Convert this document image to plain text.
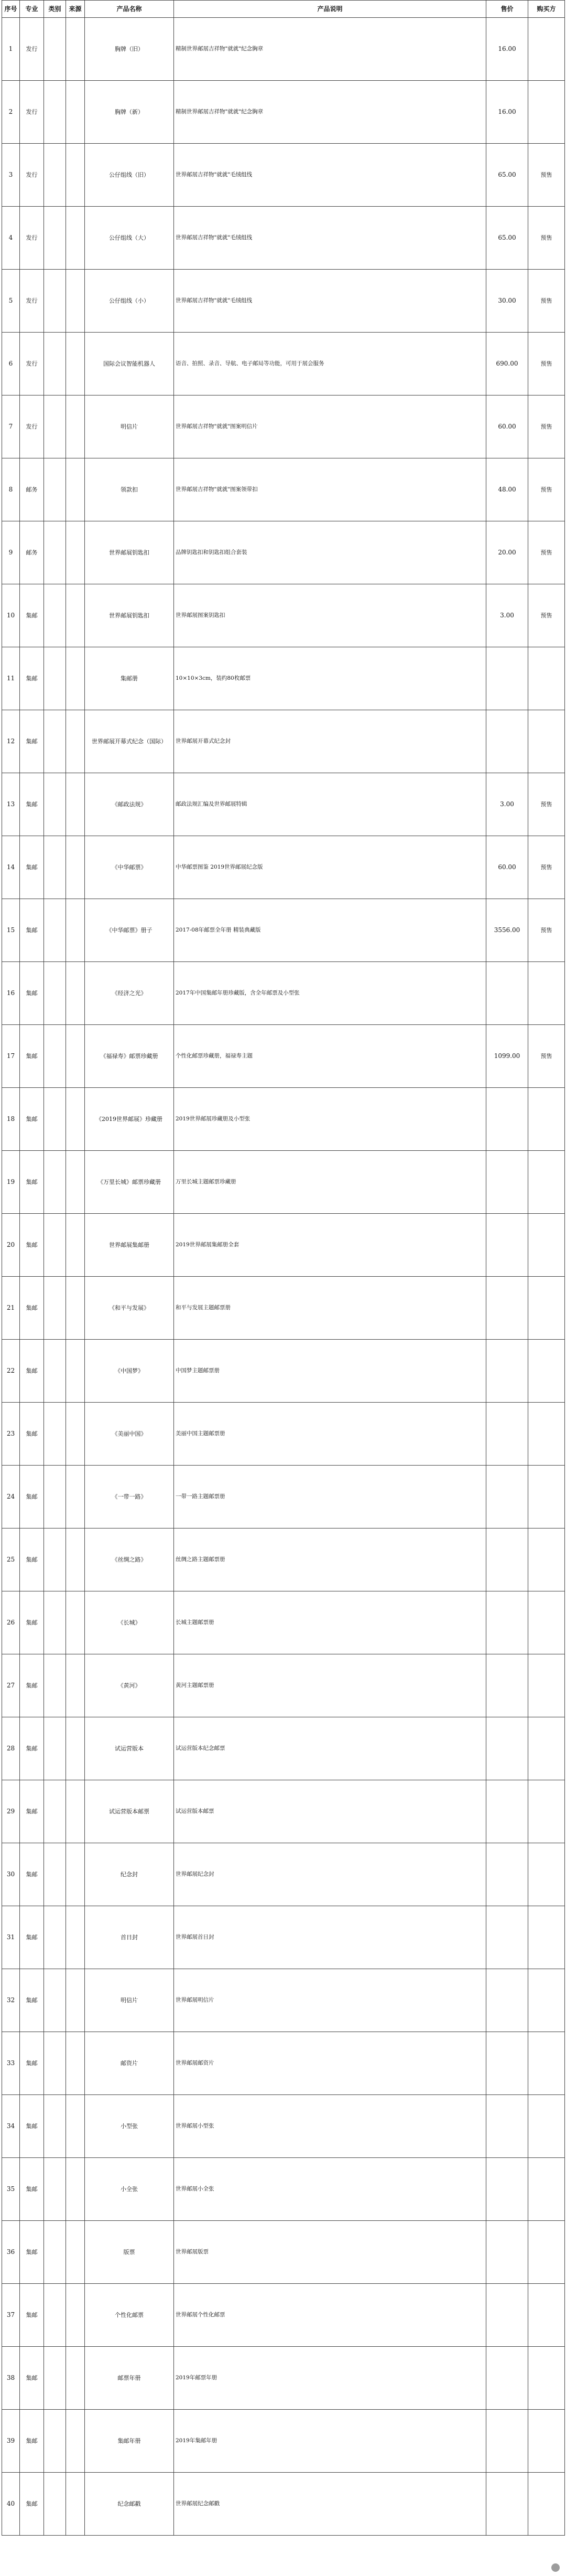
序号	专业	类别	来源	产品名称	产品说明	售价	购买方
1	发行			胸牌（旧）	精制世界邮展吉祥物"就就"纪念胸章	16.00	
2	发行			胸牌（新）	精制世界邮展吉祥物"就就"纪念胸章	16.00	
3	发行			公仔组线（旧）	世界邮展吉祥物"就就"毛绒组线	65.00	预售
4	发行			公仔组线（大）	世界邮展吉祥物"就就"毛绒组线	65.00	预售
5	发行			公仔组线（小）	世界邮展吉祥物"就就"毛绒组线	30.00	预售
6	发行			国际会议智能机器人	语音、拍照、录音、导航、电子邮局等功能，可用于展会服务	690.00	预售
7	发行			明信片	世界邮展吉祥物"就就"图案明信片	60.00	预售
8	邮务			领款扣	世界邮展吉祥物"就就"图案领带扣	48.00	预售
9	邮务			世界邮展钥匙扣	品牌钥匙扣和钥匙扣组合套装	20.00	预售
10	集邮			世界邮展钥匙扣	世界邮展图案钥匙扣	3.00	预售
11	集邮			集邮册	10×10×3cm，装约80枚邮票		
12	集邮			世界邮展开幕式纪念（国际）	世界邮展开幕式纪念封		
13	集邮			《邮政法规》	邮政法规汇编及世界邮展特辑	3.00	预售
14	集邮			《中华邮票》	中华邮票图鉴 2019世界邮展纪念版	60.00	预售
15	集邮			《中华邮票》册子	2017-08年邮票全年册 精装典藏版	3556.00	预售
16	集邮			《经济之光》	2017年中国集邮年册珍藏版，含全年邮票及小型张		
17	集邮			《福禄寿》邮票珍藏册	个性化邮票珍藏册，福禄寿主题	1099.00	预售
18	集邮			《2019世界邮展》珍藏册	2019世界邮展珍藏册及小型张		
19	集邮			《万里长城》邮票珍藏册	万里长城主题邮票珍藏册		
20	集邮			世界邮展集邮册	2019世界邮展集邮册全套		
21	集邮			《和平与发展》	和平与发展主题邮票册		
22	集邮			《中国梦》	中国梦主题邮票册		
23	集邮			《美丽中国》	美丽中国主题邮票册		
24	集邮			《一带一路》	一带一路主题邮票册		
25	集邮			《丝绸之路》	丝绸之路主题邮票册		
26	集邮			《长城》	长城主题邮票册		
27	集邮			《黄河》	黄河主题邮票册		
28	集邮			试运营版本	试运营版本纪念邮票		
29	集邮			试运营版本邮票	试运营版本邮票		
30	集邮			纪念封	世界邮展纪念封		
31	集邮			首日封	世界邮展首日封		
32	集邮			明信片	世界邮展明信片		
33	集邮			邮资片	世界邮展邮资片		
34	集邮			小型张	世界邮展小型张		
35	集邮			小全张	世界邮展小全张		
36	集邮			版票	世界邮展版票		
37	集邮			个性化邮票	世界邮展个性化邮票		
38	集邮			邮票年册	2019年邮票年册		
39	集邮			集邮年册	2019年集邮年册		
40	集邮			纪念邮戳	世界邮展纪念邮戳		
